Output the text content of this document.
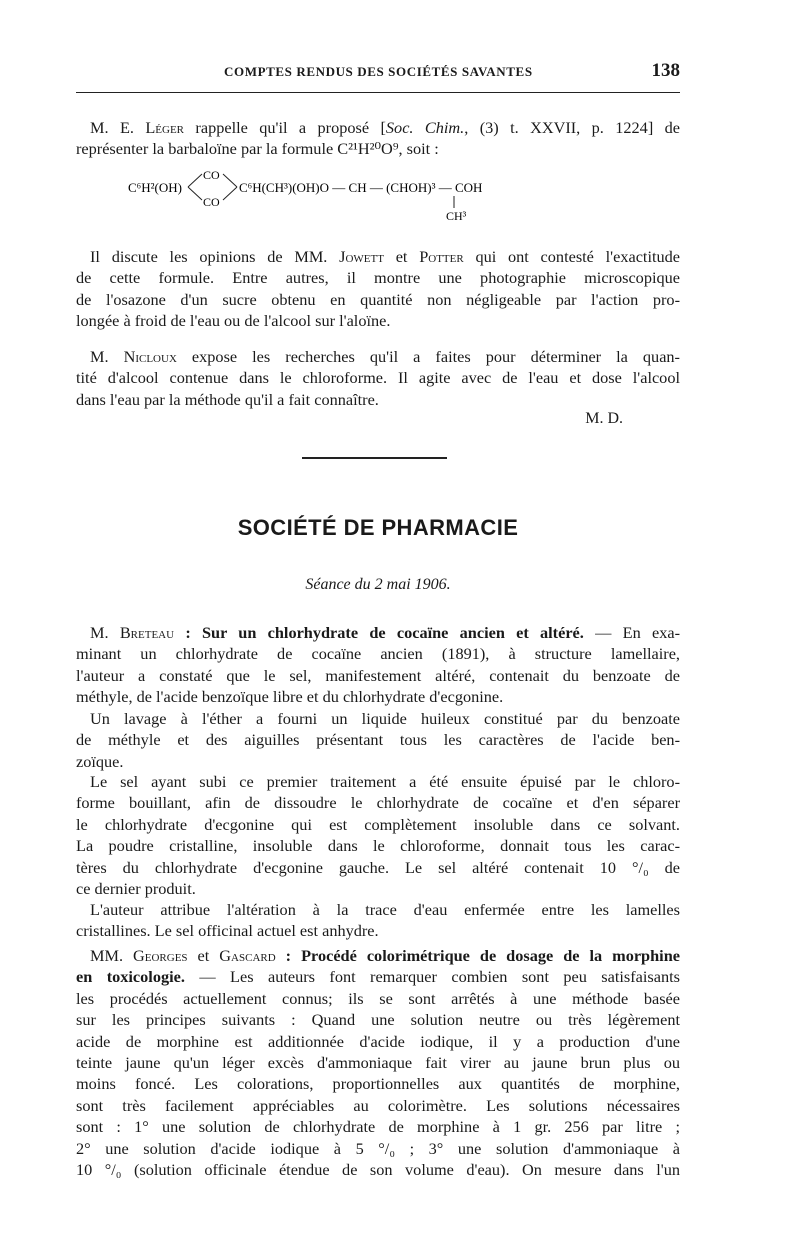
COMPTES RENDUS DES SOCIÉTÉS SAVANTES	138
M. E. Léger rappelle qu'il a proposé [Soc. Chim., (3) t. XXVII, p. 1224] de
représenter la barbaloïne par la formule C²¹H²⁰O⁹, soit :
C⁶H²(OH)
CO
CO
C⁶H(CH³)(OH)O — CH — (CHOH)³ — COH
CH³
Il discute les opinions de MM. Jowett et Potter qui ont contesté l'exactitude
de cette formule. Entre autres, il montre une photographie microscopique
de l'osazone d'un sucre obtenu en quantité non négligeable par l'action pro-
longée à froid de l'eau ou de l'alcool sur l'aloïne.
M. Nicloux expose les recherches qu'il a faites pour déterminer la quan-
tité d'alcool contenue dans le chloroforme. Il agite avec de l'eau et dose l'alcool
dans l'eau par la méthode qu'il a fait connaître.
M. D.
SOCIÉTÉ DE PHARMACIE
Séance du 2 mai 1906.
M. Breteau : Sur un chlorhydrate de cocaïne ancien et altéré. — En exa-
minant un chlorhydrate de cocaïne ancien (1891), à structure lamellaire,
l'auteur a constaté que le sel, manifestement altéré, contenait du benzoate de
méthyle, de l'acide benzoïque libre et du chlorhydrate d'ecgonine.
Un lavage à l'éther a fourni un liquide huileux constitué par du benzoate
de méthyle et des aiguilles présentant tous les caractères de l'acide ben-
zoïque.
Le sel ayant subi ce premier traitement a été ensuite épuisé par le chloro-
forme bouillant, afin de dissoudre le chlorhydrate de cocaïne et d'en séparer
le chlorhydrate d'ecgonine qui est complètement insoluble dans ce solvant.
La poudre cristalline, insoluble dans le chloroforme, donnait tous les carac-
tères du chlorhydrate d'ecgonine gauche. Le sel altéré contenait 10 °/₀ de
ce dernier produit.
L'auteur attribue l'altération à la trace d'eau enfermée entre les lamelles
cristallines. Le sel officinal actuel est anhydre.
MM. Georges et Gascard : Procédé colorimétrique de dosage de la morphine
en toxicologie. — Les auteurs font remarquer combien sont peu satisfaisants
les procédés actuellement connus; ils se sont arrêtés à une méthode basée
sur les principes suivants : Quand une solution neutre ou très légèrement
acide de morphine est additionnée d'acide iodique, il y a production d'une
teinte jaune qu'un léger excès d'ammoniaque fait virer au jaune brun plus ou
moins foncé. Les colorations, proportionnelles aux quantités de morphine,
sont très facilement appréciables au colorimètre. Les solutions nécessaires
sont : 1° une solution de chlorhydrate de morphine à 1 gr. 256 par litre ;
2° une solution d'acide iodique à 5 °/₀ ; 3° une solution d'ammoniaque à
10 °/₀ (solution officinale étendue de son volume d'eau). On mesure dans l'un
